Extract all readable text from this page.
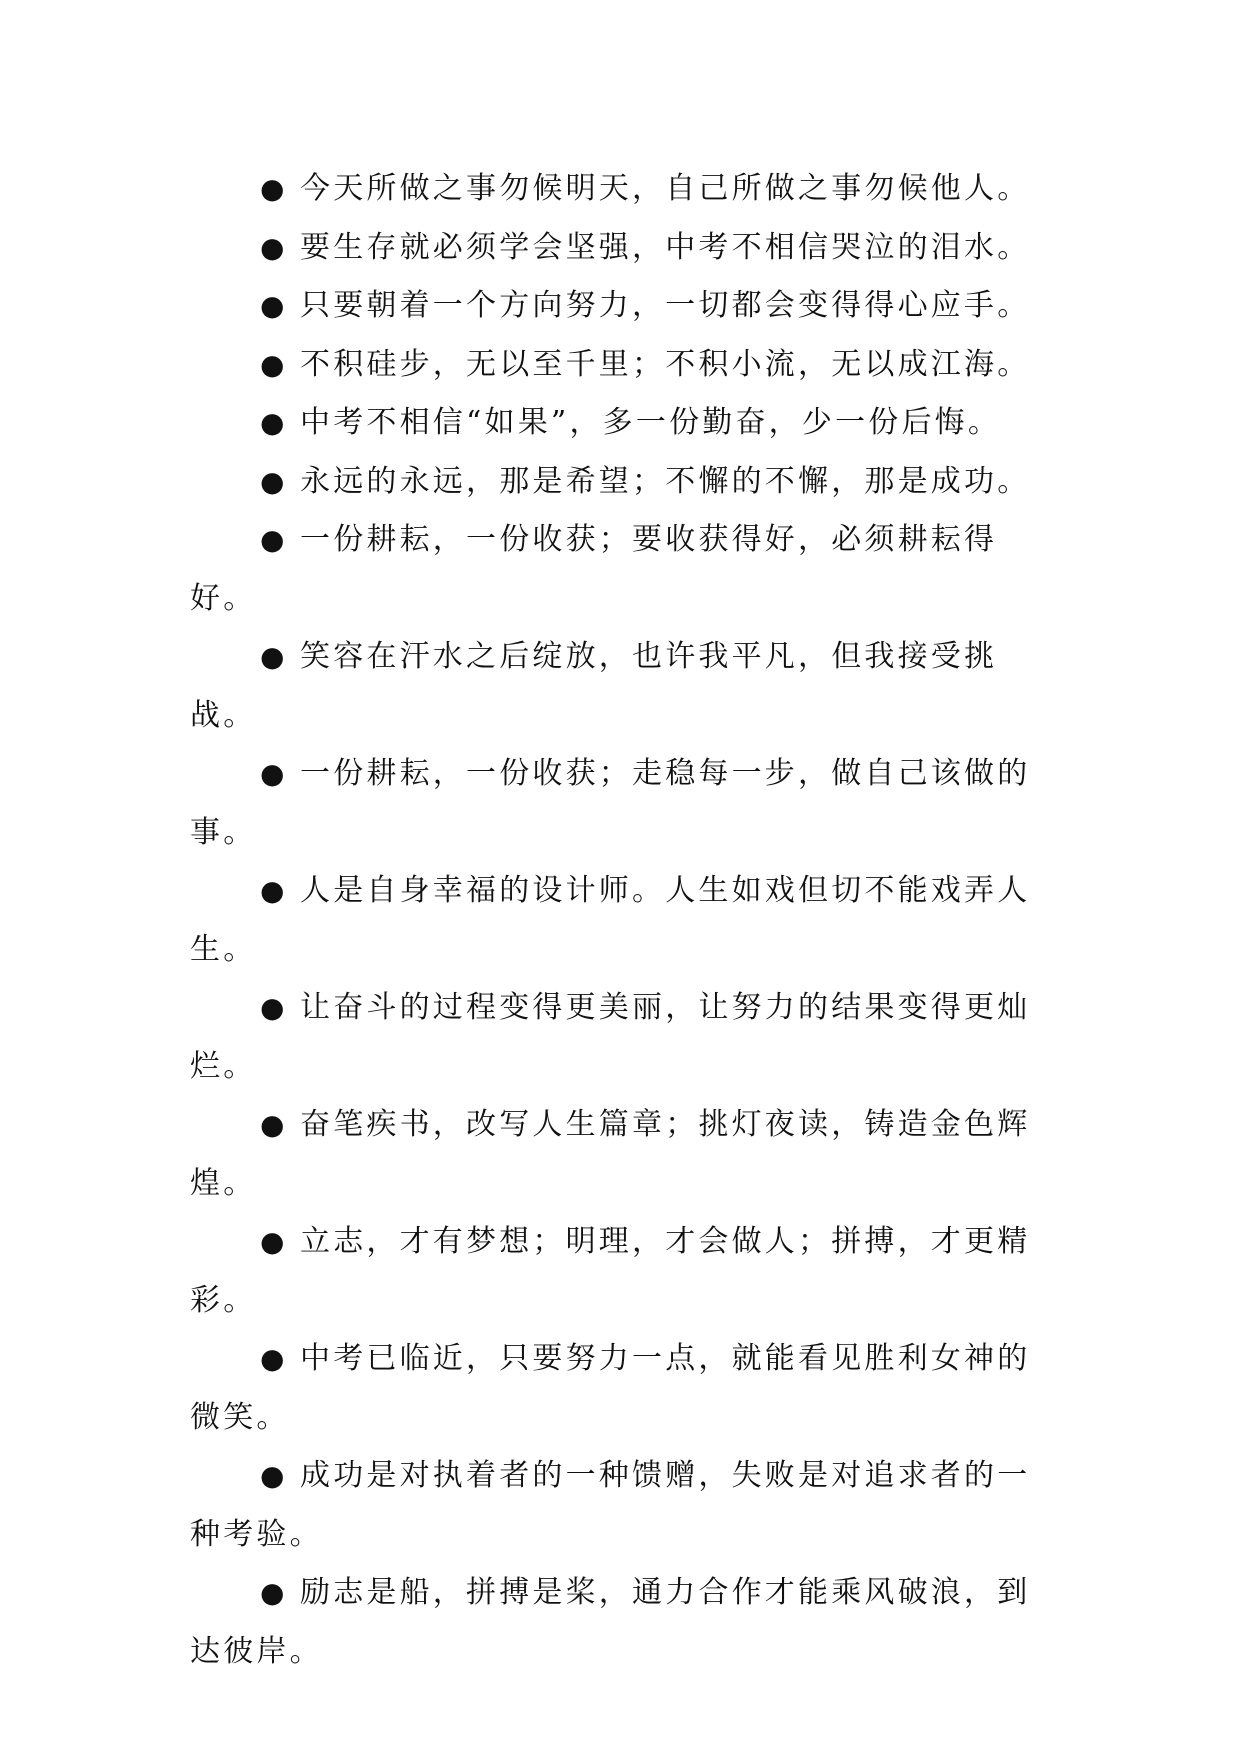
● 今天所做之事勿候明天，自己所做之事勿候他人。

● 要生存就必须学会坚强，中考不相信哭泣的泪水。

● 只要朝着一个方向努力，一切都会变得得心应手。

● 不积硅步，无以至千里；不积小流，无以成江海。

● 中考不相信“如果”，多一份勤奋，少一份后悔。

● 永远的永远，那是希望；不懈的不懈，那是成功。

● 一份耕耘，一份收获；要收获得好，必须耕耘得好。

● 笑容在汗水之后绽放，也许我平凡，但我接受挑战。

● 一份耕耘，一份收获；走稳每一步，做自己该做的事。

● 人是自身幸福的设计师。人生如戏但切不能戏弄人生。

● 让奋斗的过程变得更美丽，让努力的结果变得更灿烂。

● 奋笔疾书，改写人生篇章；挑灯夜读，铸造金色辉煌。

● 立志，才有梦想；明理，才会做人；拼搏，才更精彩。

● 中考已临近，只要努力一点，就能看见胜利女神的微笑。

● 成功是对执着者的一种馈赠，失败是对追求者的一种考验。

● 励志是船，拼搏是桨，通力合作才能乘风破浪，到达彼岸。
